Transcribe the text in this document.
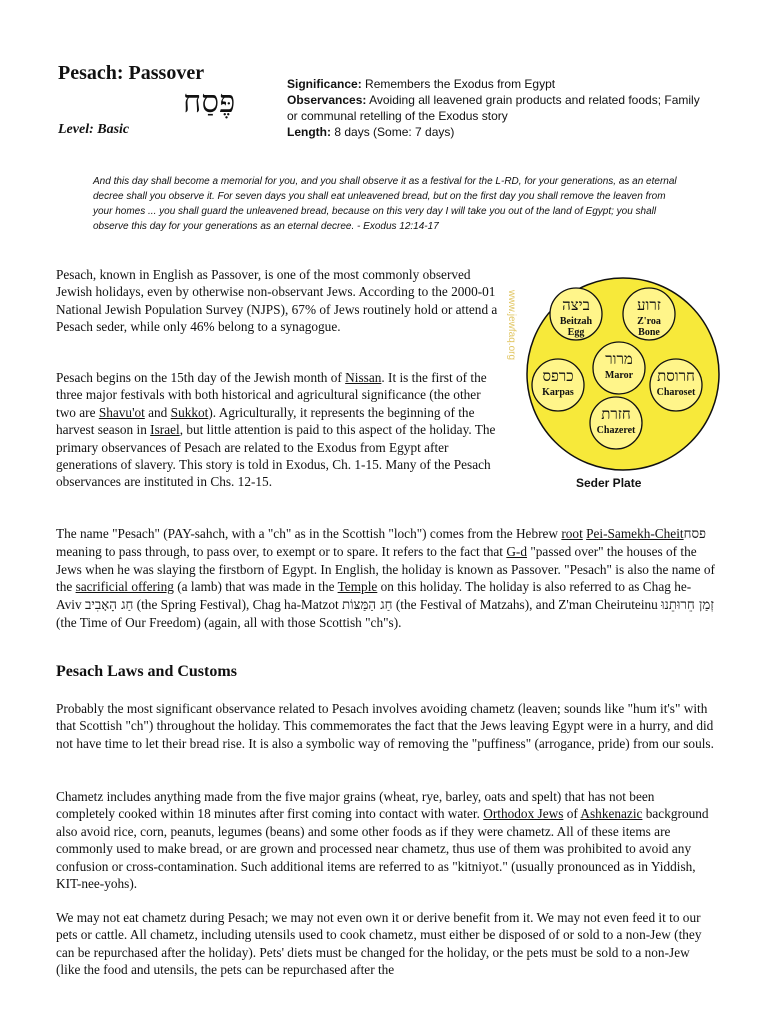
Pesach: Passover
פֶּסַח
Level: Basic
Significance: Remembers the Exodus from Egypt
Observances: Avoiding all leavened grain products and related foods; Family or communal retelling of the Exodus story
Length: 8 days (Some: 7 days)
And this day shall become a memorial for you, and you shall observe it as a festival for the L-RD, for your generations, as an eternal decree shall you observe it. For seven days you shall eat unleavened bread, but on the first day you shall remove the leaven from your homes ... you shall guard the unleavened bread, because on this very day I will take you out of the land of Egypt; you shall observe this day for your generations as an eternal decree. - Exodus 12:14-17

Pesach, known in English as Passover, is one of the most commonly observed Jewish holidays, even by otherwise non-observant Jews. According to the 2000-01 National Jewish Population Survey (NJPS), 67% of Jews routinely hold or attend a Pesach seder, while only 46% belong to a synagogue.

Pesach begins on the 15th day of the Jewish month of Nissan. It is the first of the three major festivals with both historical and agricultural significance (the other two are Shavu'ot and Sukkot). Agriculturally, it represents the beginning of the harvest season in Israel, but little attention is paid to this aspect of the holiday. The primary observances of Pesach are related to the Exodus from Egypt after generations of slavery. This story is told in Exodus, Ch. 1-15. Many of the Pesach observances are instituted in Chs. 12-15.

The name "Pesach" (PAY-sahch, with a "ch" as in the Scottish "loch") comes from the Hebrew root Pei-Samekh-Cheit פסח meaning to pass through, to pass over, to exempt or to spare. It refers to the fact that G-d "passed over" the houses of the Jews when he was slaying the firstborn of Egypt. In English, the holiday is known as Passover. "Pesach" is also the name of the sacrificial offering (a lamb) that was made in the Temple on this holiday. The holiday is also referred to as Chag he-Aviv חַג הָאָבִיב (the Spring Festival), Chag ha-Matzot חַג הַמַּצּוֹת (the Festival of Matzahs), and Z'man Cheiruteinu זְמַן חֵרוּתֵנוּ (the Time of Our Freedom) (again, all with those Scottish "ch"s).

Pesach Laws and Customs

Probably the most significant observance related to Pesach involves avoiding chametz (leaven; sounds like "hum it's" with that Scottish "ch") throughout the holiday. This commemorates the fact that the Jews leaving Egypt were in a hurry, and did not have time to let their bread rise. It is also a symbolic way of removing the "puffiness" (arrogance, pride) from our souls.

Chametz includes anything made from the five major grains (wheat, rye, barley, oats and spelt) that has not been completely cooked within 18 minutes after first coming into contact with water. Orthodox Jews of Ashkenazic background also avoid rice, corn, peanuts, legumes (beans) and some other foods as if they were chametz. All of these items are commonly used to make bread, or are grown and processed near chametz, thus use of them was prohibited to avoid any confusion or cross-contamination. Such additional items are referred to as "kitniyot." (usually pronounced as in Yiddish, KIT-nee-yohs).

We may not eat chametz during Pesach; we may not even own it or derive benefit from it. We may not even feed it to our pets or cattle. All chametz, including utensils used to cook chametz, must either be disposed of or sold to a non-Jew (they can be repurchased after the holiday). Pets' diets must be changed for the holiday, or the pets must be sold to a non-Jew (like the food and utensils, the pets can be repurchased after the

www.jewfaq.org	ביצה
Beitzah
Egg
זרוע
Z'roa
Bone
מרור
Maror
כרפס
Karpas
חרוסת
Charoset
חזרת
Chazeret
Seder Plate
